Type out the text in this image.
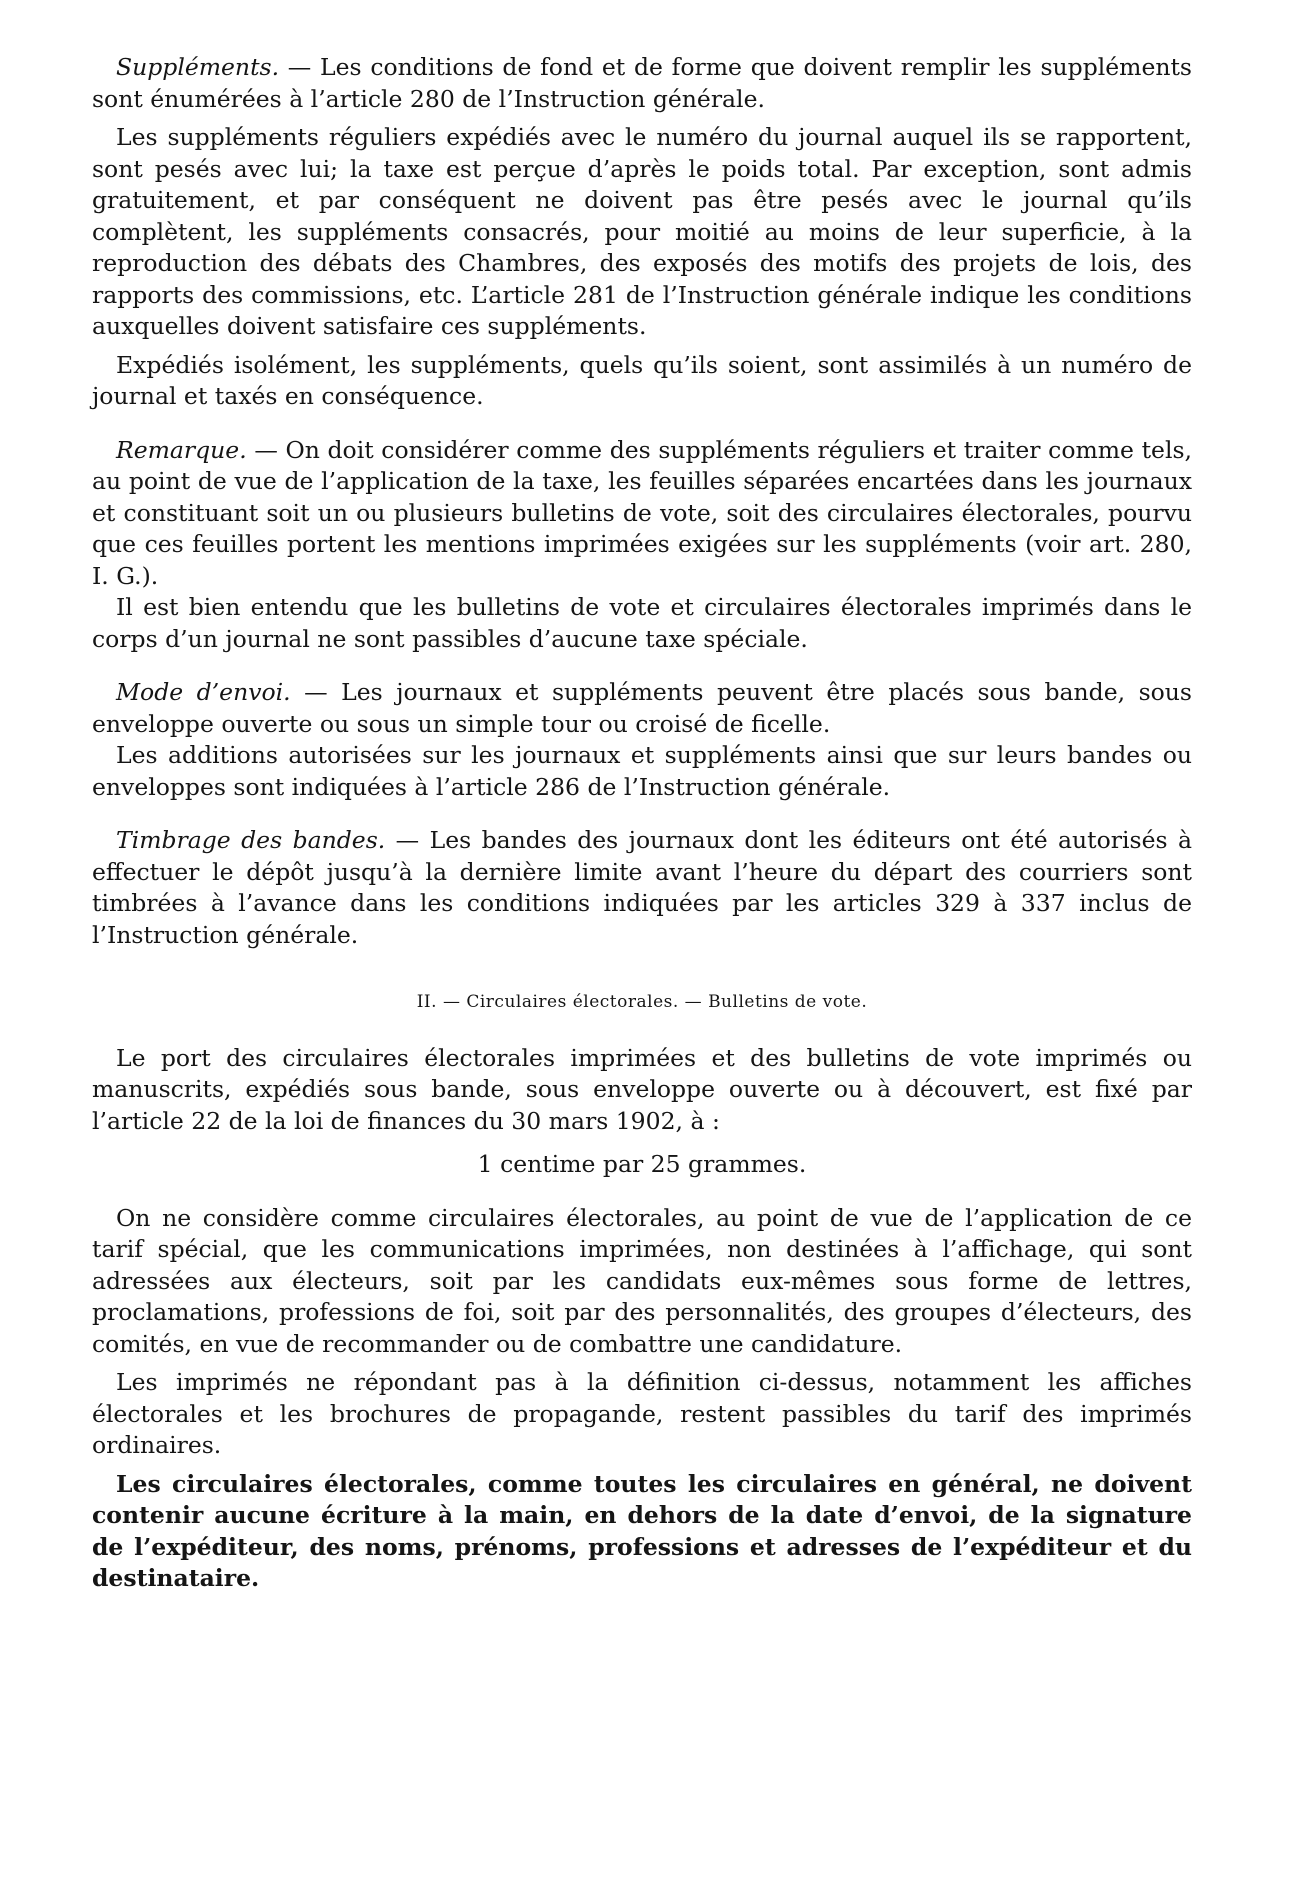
Suppléments. — Les conditions de fond et de forme que doivent remplir les suppléments sont énumérées à l’article 280 de l’Instruction générale.

Les suppléments réguliers expédiés avec le numéro du journal auquel ils se rapportent, sont pesés avec lui; la taxe est perçue d’après le poids total. Par exception, sont admis gratuitement, et par conséquent ne doivent pas être pesés avec le journal qu’ils complètent, les suppléments consacrés, pour moitié au moins de leur superficie, à la reproduction des débats des Chambres, des exposés des motifs des projets de lois, des rapports des commissions, etc. L’article 281 de l’Instruction générale indique les conditions auxquelles doivent satisfaire ces suppléments.

Expédiés isolément, les suppléments, quels qu’ils soient, sont assimilés à un numéro de journal et taxés en conséquence.

Remarque. — On doit considérer comme des suppléments réguliers et traiter comme tels, au point de vue de l’application de la taxe, les feuilles séparées encartées dans les journaux et constituant soit un ou plusieurs bulletins de vote, soit des circulaires électorales, pourvu que ces feuilles portent les mentions imprimées exigées sur les suppléments (voir art. 280, I. G.).

Il est bien entendu que les bulletins de vote et circulaires électorales imprimés dans le corps d’un journal ne sont passibles d’aucune taxe spéciale.

Mode d’envoi. — Les journaux et suppléments peuvent être placés sous bande, sous enveloppe ouverte ou sous un simple tour ou croisé de ficelle.

Les additions autorisées sur les journaux et suppléments ainsi que sur leurs bandes ou enveloppes sont indiquées à l’article 286 de l’Instruction générale.

Timbrage des bandes. — Les bandes des journaux dont les éditeurs ont été autorisés à effectuer le dépôt jusqu’à la dernière limite avant l’heure du départ des courriers sont timbrées à l’avance dans les conditions indiquées par les articles 329 à 337 inclus de l’Instruction générale.

II. — Circulaires électorales. — Bulletins de vote.

Le port des circulaires électorales imprimées et des bulletins de vote imprimés ou manuscrits, expédiés sous bande, sous enveloppe ouverte ou à découvert, est fixé par l’article 22 de la loi de finances du 30 mars 1902, à :

1 centime par 25 grammes.

On ne considère comme circulaires électorales, au point de vue de l’application de ce tarif spécial, que les communications imprimées, non destinées à l’affichage, qui sont adressées aux électeurs, soit par les candidats eux-mêmes sous forme de lettres, proclamations, professions de foi, soit par des personnalités, des groupes d’électeurs, des comités, en vue de recommander ou de combattre une candidature.

Les imprimés ne répondant pas à la définition ci-dessus, notamment les affiches électorales et les brochures de propagande, restent passibles du tarif des imprimés ordinaires.

Les circulaires électorales, comme toutes les circulaires en général, ne doivent contenir aucune écriture à la main, en dehors de la date d’envoi, de la signature de l’expéditeur, des noms, prénoms, professions et adresses de l’expéditeur et du destinataire.
